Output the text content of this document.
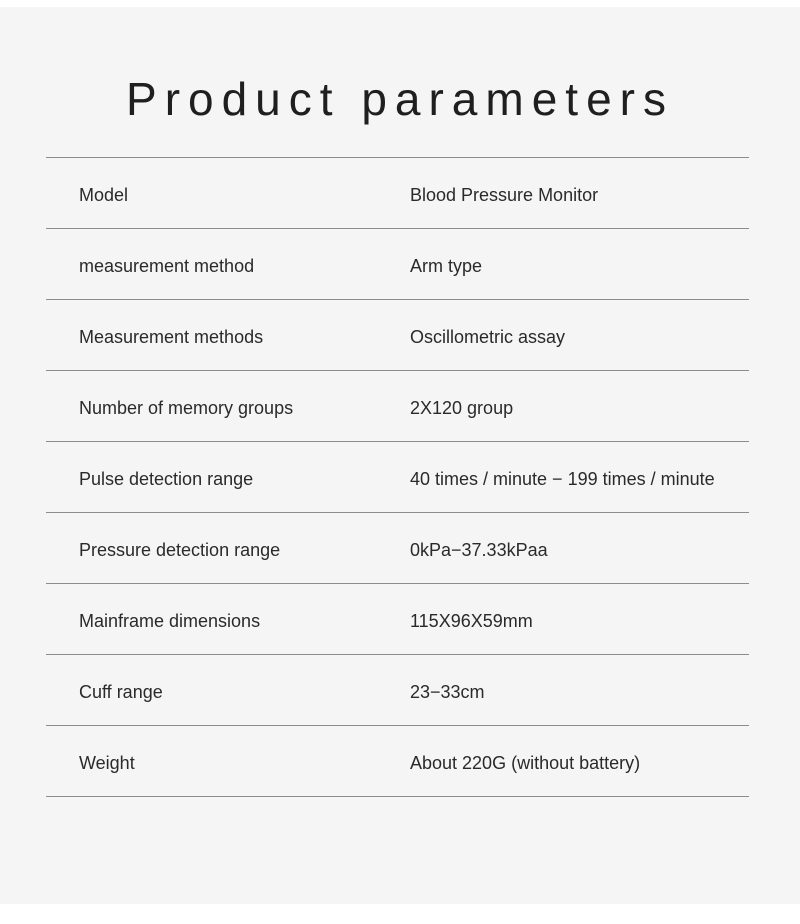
Product parameters
Model	Blood Pressure Monitor
measurement method	Arm type
Measurement methods	Oscillometric assay
Number of memory groups	2X120 group
Pulse detection range	40 times / minute − 199 times / minute
Pressure detection range	0kPa−37.33kPaa
Mainframe dimensions	115X96X59mm
Cuff range	23−33cm
Weight	About 220G (without battery)
